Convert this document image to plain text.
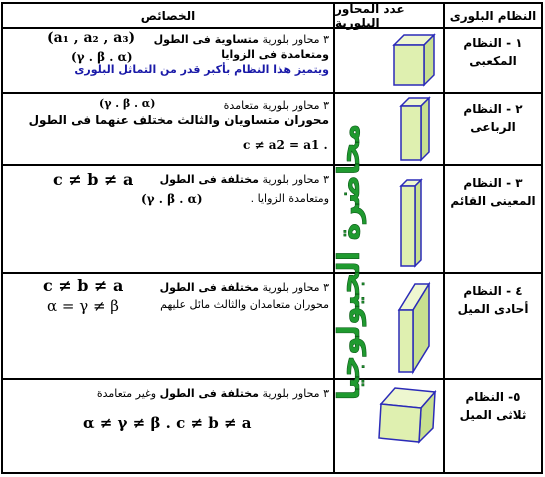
النظام البلورى
عدد المحاور البلورية
الخصائص
١ - النظام
المكعبى
٣ محاور بلورية متساوية فى الطول
ومتعامدة فى الزوايا
ويتميز هذا النظام بأكبر قدر من التماثل البلورى
(a₁ , a₂ , a₃)
(γ . β . α)
٢ - النظام
الرباعى
٣ محاور بلورية متعامدة
محوران متساويان والثالث مختلف عنهما فى الطول
(γ . β . α)
c ≠ a2 = a1 .
٣ - النظام
المعينى القائم
٣ محاور بلورية مختلفة فى الطول
ومتعامدة الزوايا .
c ≠ b ≠ a
(γ . β . α)
٤ - النظام
أحادى الميل
٣ محاور بلورية مختلفة فى الطول
محوران متعامدان والثالث مائل عليهم
c ≠ b ≠ a
α = γ ≠ β
٥- النظام
ثلاثى الميل
٣ محاور بلورية مختلفة فى الطول وغير متعامدة
α ≠ γ ≠ β . c ≠ b ≠ a
محاضرة الجيولوجيا
